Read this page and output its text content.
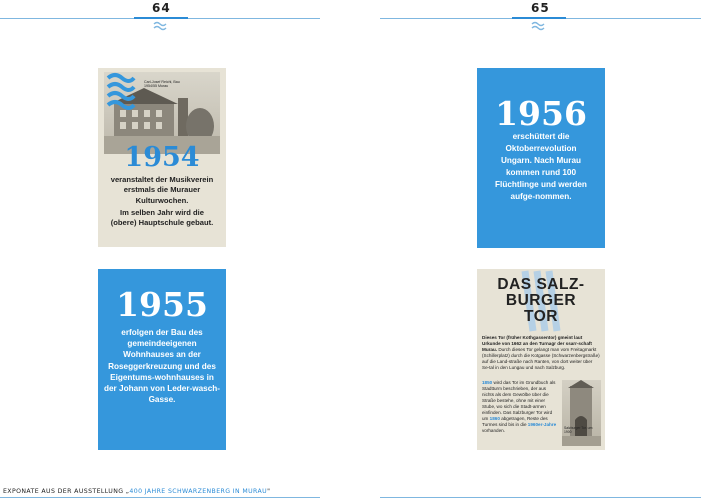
64	65
Carl-Josef Reichl, Bau 1954/55 Murau
1954
veranstaltet der Musikverein erstmals die Murauer Kulturwochen.
Im selben Jahr wird die (obere) Hauptschule gebaut.
1955
erfolgen der Bau des gemeindeeigenen Wohnhauses an der Roseggerkreuzung und des Eigentums-wohnhauses in der Johann von Leder-wasch-Gasse.
1956
erschüttert die Oktoberrevolution Ungarn. Nach Murau kommen rund 100 Flüchtlinge und werden aufge-nommen.
DAS SALZ-
BURGER
TOR
Dieses Tor (früher Kothgassentor) gmeint laut Urkunde von 1662 an den Turnagr der ssarr-schaft Murau. Durch dieses Tor gelangt man vom Freitagmarkt (Schillerplatz) durch die Kotgasse (Schwarzenbergstraße) auf die Land-straße nach Ranten, von dort weiter über Se-tal in den Lungau und nach Salzburg.
1850 wird das Tor im Grundbuch als Stadtturm beschrieben, der aus nichts als dem Gewölbe über die Straße bestehe, ohne mit einer Stube, wo sich die Stadt-armen einfinden. Das Salzburger Tor wird um 1860 abgetragen, Reste des Turmes sind bis in die 1960er-Jahre vorhanden.	Salzburger Tor, um 1900
EXPONATE AUS DER AUSSTELLUNG „400 JAHRE SCHWARZENBERG IN MURAU"
